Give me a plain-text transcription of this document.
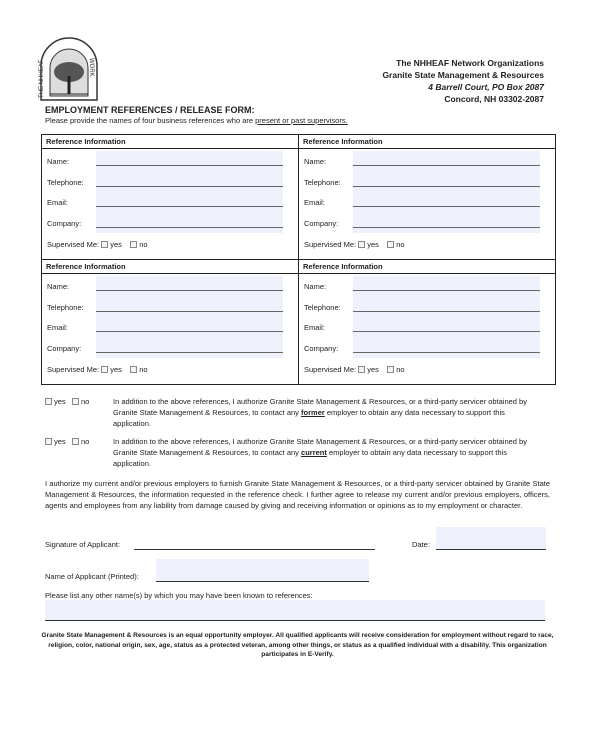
THE NHHEAF	WORK	The NHHEAF Network Organizations
Granite State Management & Resources
4 Barrell Court, PO Box 2087
Concord, NH 03302-2087
EMPLOYMENT REFERENCES / RELEASE FORM:
Please provide the names of four business references who are present or past supervisors.
Reference Information
Name:
Telephone:
Email:
Company:
Supervised Me: yes no
Reference Information
Name:
Telephone:
Email:
Company:
Supervised Me: yes no
Reference Information
Name:
Telephone:
Email:
Company:
Supervised Me: yes no
Reference Information
Name:
Telephone:
Email:
Company:
Supervised Me: yes no
yes no	In addition to the above references, I authorize Granite State Management & Resources, or a third-party servicer obtained by Granite State Management & Resources, to contact any former employer to obtain any data necessary to support this application.
yes no	In addition to the above references, I authorize Granite State Management & Resources, or a third-party servicer obtained by Granite State Management & Resources, to contact any current employer to obtain any data necessary to support this application.
I authorize my current and/or previous employers to furnish Granite State Management & Resources, or a third-party servicer obtained by Granite State Management & Resources, the information requested in the reference check. I further agree to release my current and/or previous employers, officers, agents and employees from any liability from damage caused by giving and receiving information or opinions as to my employment or character.
Signature of Applicant:	Date:
Name of Applicant (Printed):
Please list any other name(s) by which you may have been known to references:
Granite State Management & Resources is an equal opportunity employer. All qualified applicants will receive consideration for employment without regard to race, religion, color, national origin, sex, age, status as a protected veteran, among other things, or status as a qualified individual with a disability. This organization participates in E-Verify.
